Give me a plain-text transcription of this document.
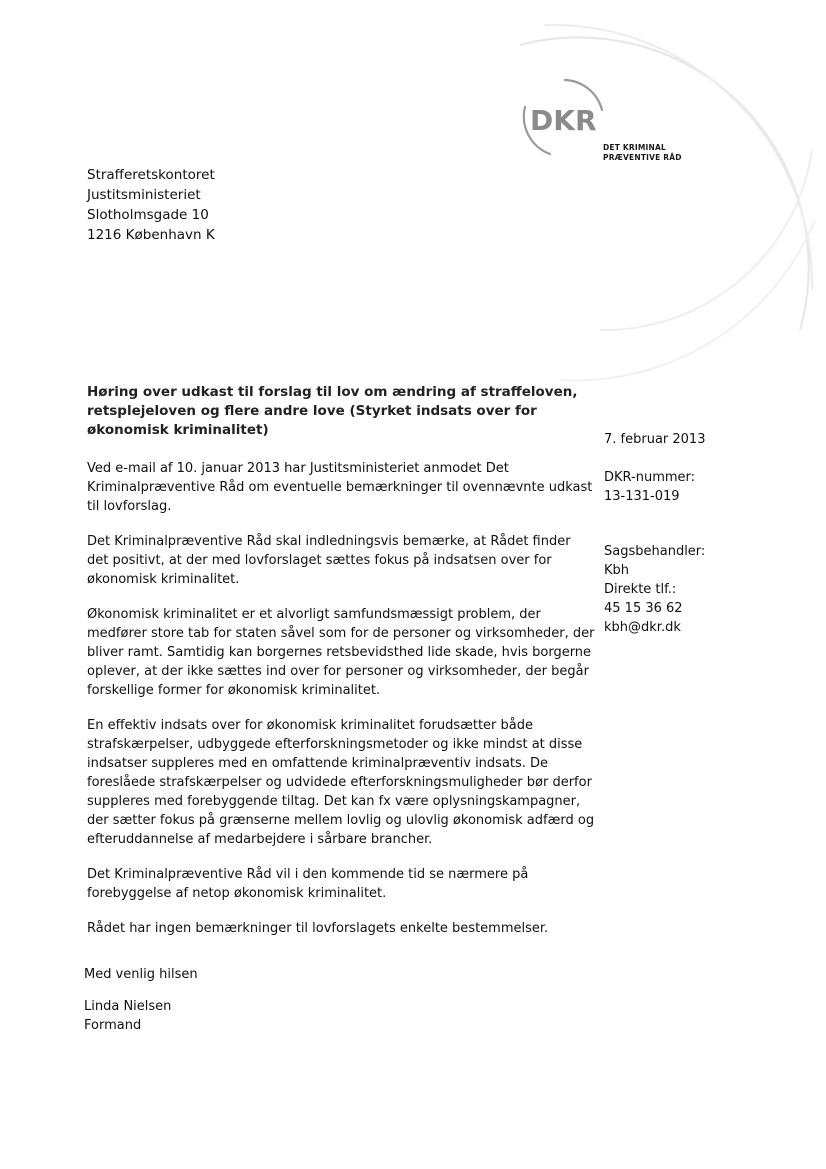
DKR
DET KRIMINAL
PRÆVENTIVE RÅD
Strafferetskontoret
Justitsministeriet
Slotholmsgade 10
1216 København K
Høring over udkast til forslag til lov om ændring af straffeloven, retsplejeloven og flere andre love (Styrket indsats over for økonomisk kriminalitet)
7. februar 2013
DKR-nummer:
13-131-019
Sagsbehandler:
Kbh
Direkte tlf.:
45 15 36 62
kbh@dkr.dk

Ved e-mail af 10. januar 2013 har Justitsministeriet anmodet Det Kriminalpræventive Råd om eventuelle bemærkninger til ovennævnte udkast til lovforslag.

Det Kriminalpræventive Råd skal indledningsvis bemærke, at Rådet finder det positivt, at der med lovforslaget sættes fokus på indsatsen over for økonomisk kriminalitet.

Økonomisk kriminalitet er et alvorligt samfundsmæssigt problem, der medfører store tab for staten såvel som for de personer og virksomheder, der bliver ramt. Samtidig kan borgernes retsbevidsthed lide skade, hvis borgerne oplever, at der ikke sættes ind over for personer og virksomheder, der begår forskellige former for økonomisk kriminalitet.

En effektiv indsats over for økonomisk kriminalitet forudsætter både strafskærpelser, udbyggede efterforskningsmetoder og ikke mindst at disse indsatser suppleres med en omfattende kriminalpræventiv indsats. De foreslåede strafskærpelser og udvidede efterforskningsmuligheder bør derfor suppleres med forebyggende tiltag. Det kan fx være oplysningskampagner, der sætter fokus på grænserne mellem lovlig og ulovlig økonomisk adfærd og efteruddannelse af medarbejdere i sårbare brancher.

Det Kriminalpræventive Råd vil i den kommende tid se nærmere på forebyggelse af netop økonomisk kriminalitet.

Rådet har ingen bemærkninger til lovforslagets enkelte bestemmelser.

Med venlig hilsen
Linda Nielsen
Formand
